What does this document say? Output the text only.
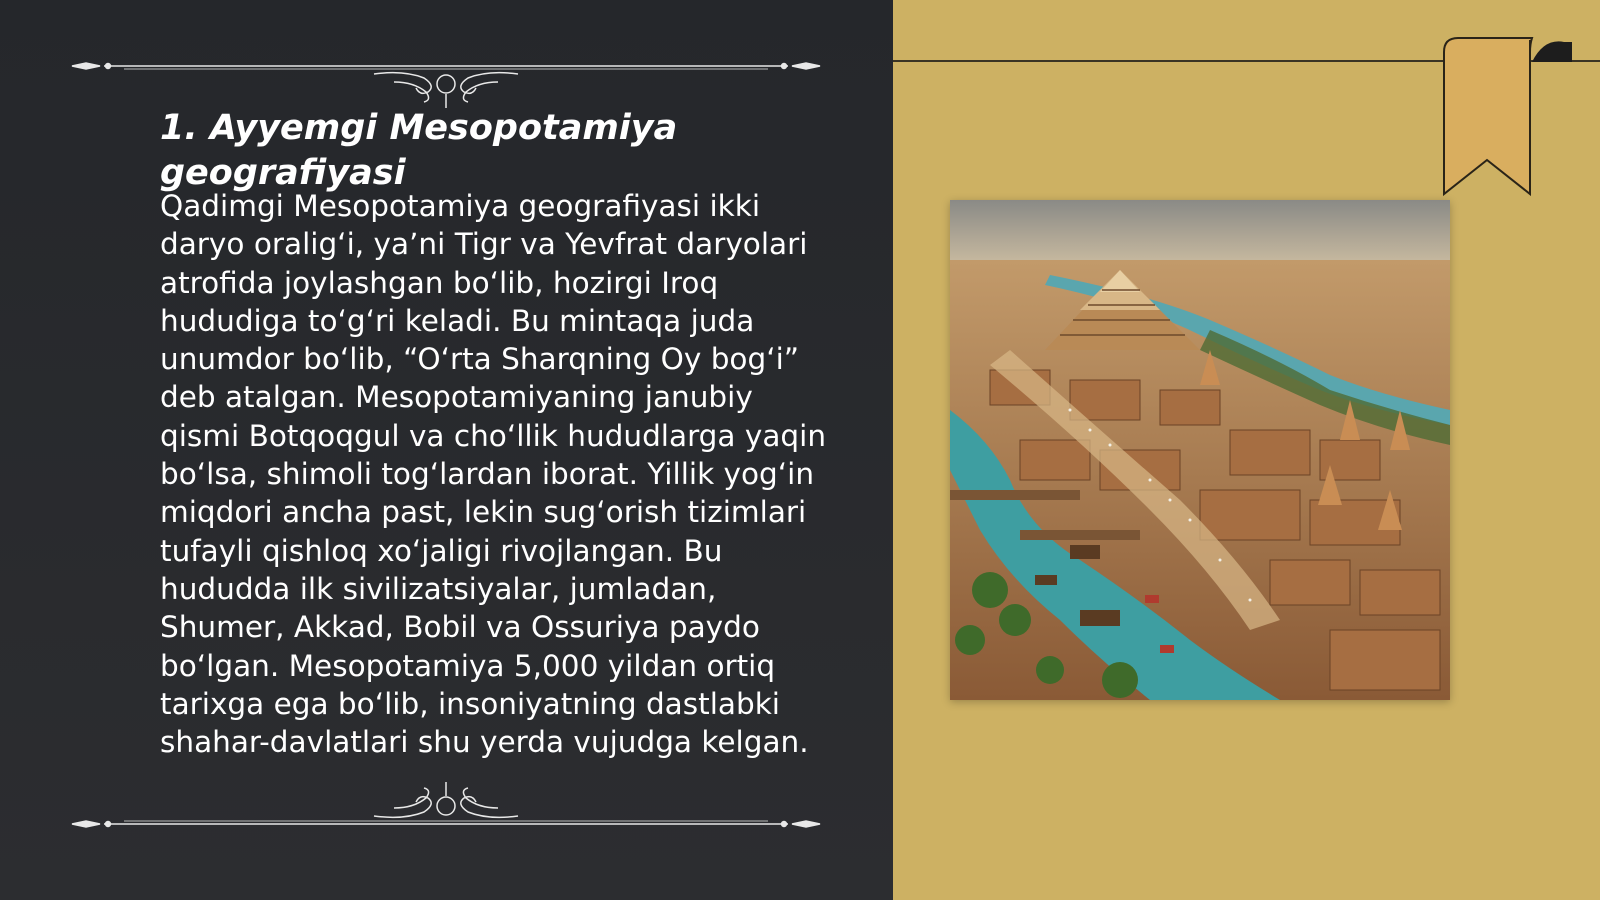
1. Ayyemgi Mesopotamiya geografiyasi

Qadimgi Mesopotamiya geografiyasi ikki daryo oralig‘i, ya’ni Tigr va Yevfrat daryolari atrofida joylashgan bo‘lib, hozirgi Iroq hududiga to‘g‘ri keladi. Bu mintaqa juda unumdor bo‘lib, “O‘rta Sharqning Oy bog‘i” deb atalgan. Mesopotamiyaning janubiy qismi Botqoqgul va cho‘llik hududlarga yaqin bo‘lsa, shimoli tog‘lardan iborat. Yillik yog‘in miqdori ancha past, lekin sug‘orish tizimlari tufayli qishloq xo‘jaligi rivojlangan. Bu hududda ilk sivilizatsiyalar, jumladan, Shumer, Akkad, Bobil va Ossuriya paydo bo‘lgan. Mesopotamiya 5,000 yildan ortiq tarixga ega bo‘lib, insoniyatning dastlabki shahar-davlatlari shu yerda vujudga kelgan.
